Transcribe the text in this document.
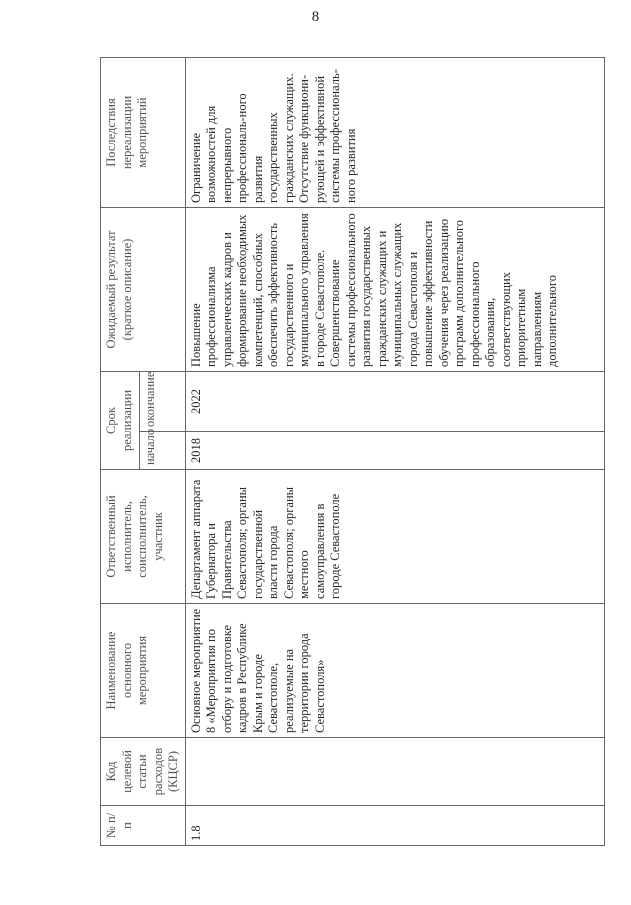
8
№ п/п	Код целевой статьи расходов (КЦСР)	Наименование основного мероприятия	Ответственный исполнитель, соисполнитель, участник	Срок реализации		Ожидаемый результат (краткое описание)	Последствия нереализации мероприятий
				начало	окончание		
1.8		Основное мероприятие 8 «Мероприятия по отбору и подготовке кадров в Республике Крым и городе Севастополе, реализуемые на территории города Севастополя»	Департамент аппарата Губернатора и Правительства Севастополя; органы государственной власти города Севастополя; органы местного самоуправления в городе Севастополе	2018	2022	Повышение профессионализма управленческих кадров и формирование необходимых компетенций, способных обеспечить эффективность государственного и муниципального управления в городе Севастополе. Совершенствование системы профессионального развития государственных гражданских служащих и муниципальных служащих города Севастополя и повышение эффективности обучения через реализацию программ дополнительного профессионального образования, соответствующих приоритетным направлениям дополнительного	Ограничение возможностей для непрерывного профессиональ-ного развития государственных гражданских служащих. Отсутствие функциони-рующей и эффективной системы профессиональ-ного развития
